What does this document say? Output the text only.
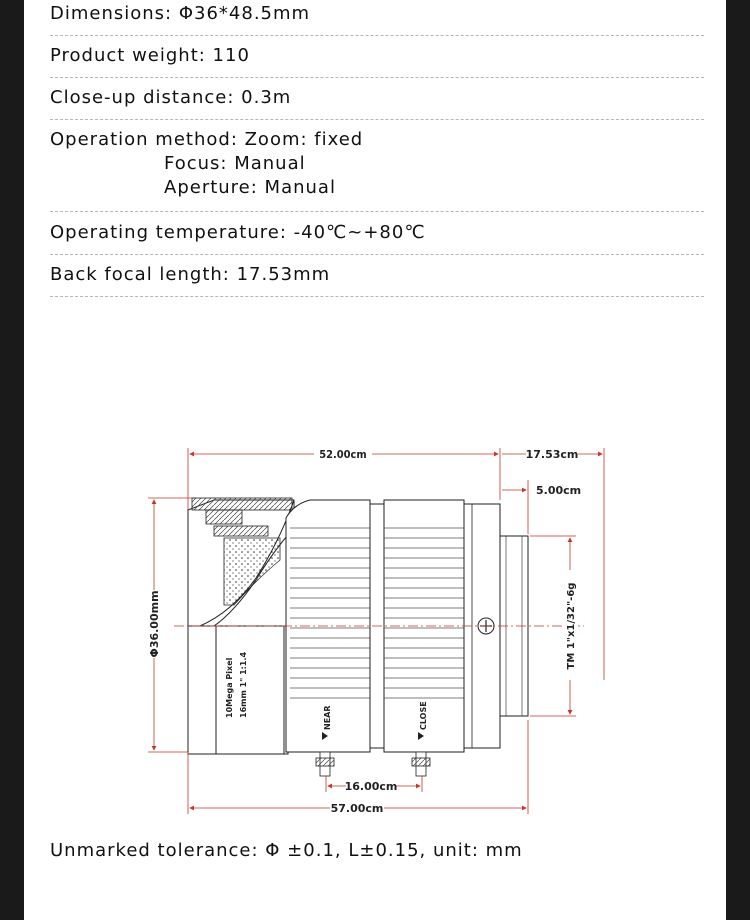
Dimensions: Φ36*48.5mm
Product weight: 110
Close-up distance: 0.3m
Operation method: Zoom: fixed
Focus: Manual
Aperture: Manual
Operating temperature: -40℃~+80℃
Back focal length: 17.53mm
52.00cm	17.53cm
5.00cm
Φ36.00mm
10Mega Pixel 16mm 1" 1:1.4	NEAR	CLOSE
TM 1"x1/32"-6g
16.00cm
57.00cm
Unmarked tolerance: Φ ±0.1, L±0.15, unit: mm
